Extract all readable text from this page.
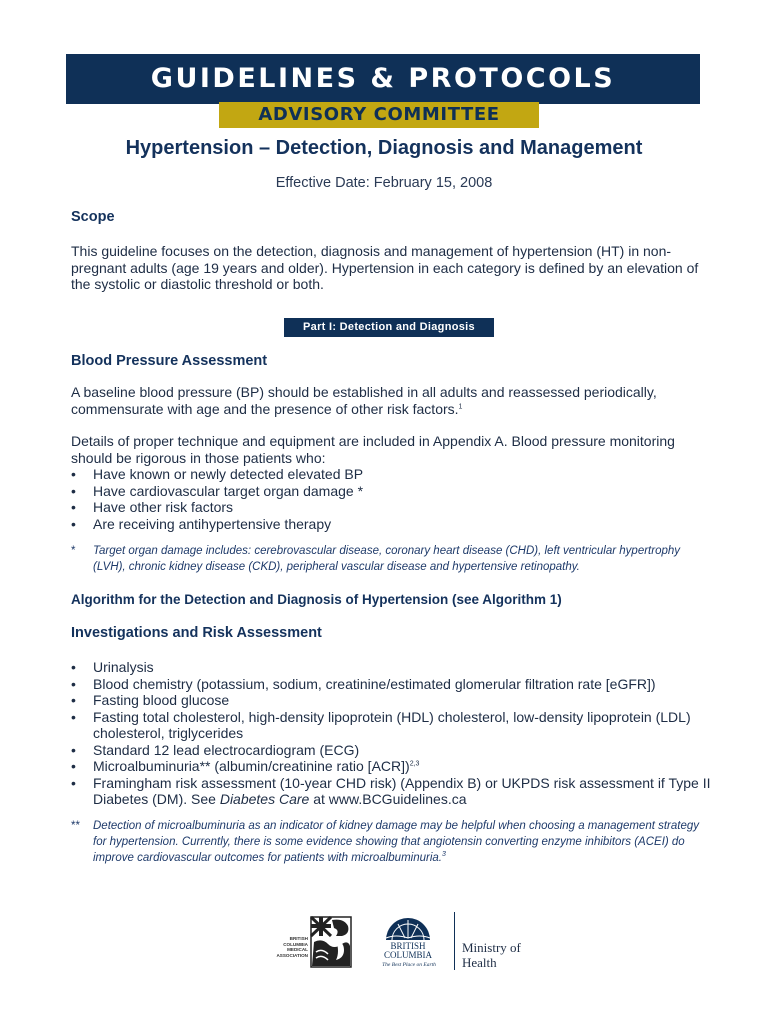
GUIDELINES & PROTOCOLS
ADVISORY COMMITTEE
Hypertension – Detection, Diagnosis and Management
Effective Date: February 15, 2008
Scope
This guideline focuses on the detection, diagnosis and management of hypertension (HT) in non-pregnant adults (age 19 years and older). Hypertension in each category is defined by an elevation of the systolic or diastolic threshold or both.
Part I: Detection and Diagnosis
Blood Pressure Assessment
A baseline blood pressure (BP) should be established in all adults and reassessed periodically, commensurate with age and the presence of other risk factors.$^1$
Details of proper technique and equipment are included in Appendix A. Blood pressure monitoring should be rigorous in those patients who:
• Have known or newly detected elevated BP
• Have cardiovascular target organ damage *
• Have other risk factors
• Are receiving antihypertensive therapy
*	Target organ damage includes: cerebrovascular disease, coronary heart disease (CHD), left ventricular hypertrophy (LVH), chronic kidney disease (CKD), peripheral vascular disease and hypertensive retinopathy.
Algorithm for the Detection and Diagnosis of Hypertension (see Algorithm 1)
Investigations and Risk Assessment
• Urinalysis
• Blood chemistry (potassium, sodium, creatinine/estimated glomerular filtration rate [eGFR])
• Fasting blood glucose
• Fasting total cholesterol, high-density lipoprotein (HDL) cholesterol, low-density lipoprotein (LDL) cholesterol, triglycerides
• Standard 12 lead electrocardiogram (ECG)
• Microalbuminuria** (albumin/creatinine ratio [ACR])$^{2,3}$
• Framingham risk assessment (10-year CHD risk) (Appendix B) or UKPDS risk assessment if Type II Diabetes (DM). See Diabetes Care at www.BCGuidelines.ca
**	Detection of microalbuminuria as an indicator of kidney damage may be helpful when choosing a management strategy for hypertension. Currently, there is some evidence showing that angiotensin converting enzyme inhibitors (ACEI) do improve cardiovascular outcomes for patients with microalbuminuria.$^3$
BRITISH COLUMBIA MEDICAL ASSOCIATION
BRITISH COLUMBIA
The Best Place on Earth
Ministry of
Health
